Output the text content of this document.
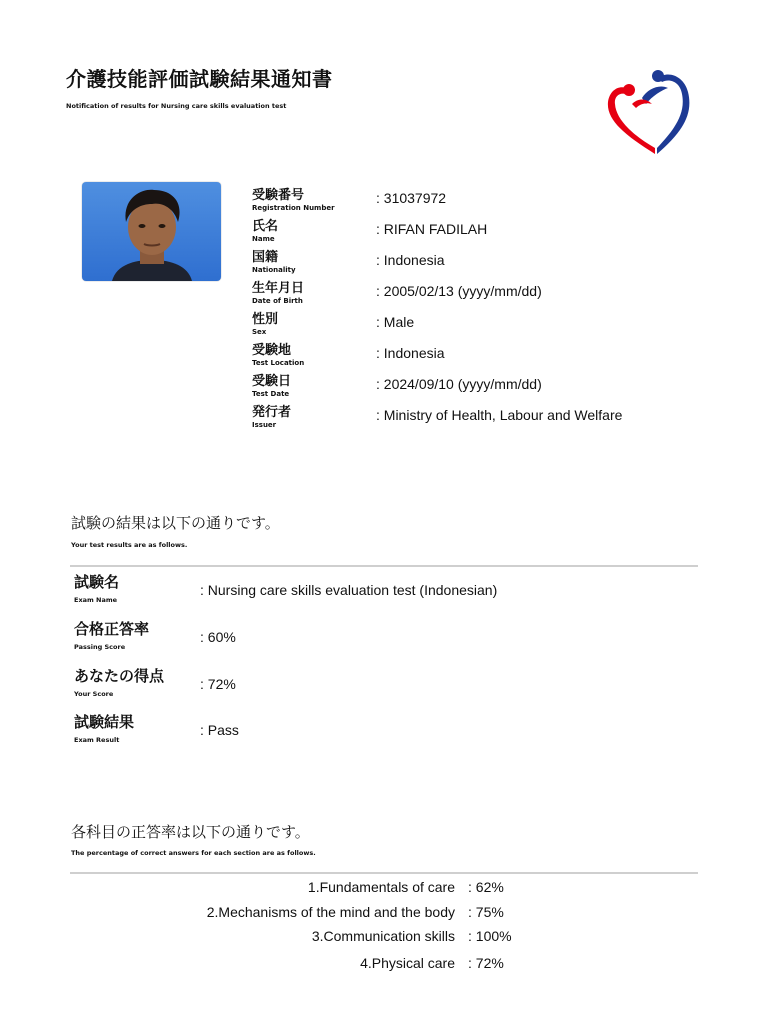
介護技能評価試験結果通知書
Notification of results for Nursing care skills evaluation test
受験番号
Registration Number
: 31037972
氏名
Name
: RIFAN FADILAH
国籍
Nationality
: Indonesia
生年月日
Date of Birth
: 2005/02/13 (yyyy/mm/dd)
性別
Sex
: Male
受験地
Test Location
: Indonesia
受験日
Test Date
: 2024/09/10 (yyyy/mm/dd)
発行者
Issuer
: Ministry of Health, Labour and Welfare
試験の結果は以下の通りです。
Your test results are as follows.
試験名
Exam Name
: Nursing care skills evaluation test (Indonesian)
合格正答率
Passing Score
: 60%
あなたの得点
Your Score
: 72%
試験結果
Exam Result
: Pass
各科目の正答率は以下の通りです。
The percentage of correct answers for each section are as follows.
1.Fundamentals of care : 62%
2.Mechanisms of the mind and the body : 75%
3.Communication skills : 100%
4.Physical care : 72%
